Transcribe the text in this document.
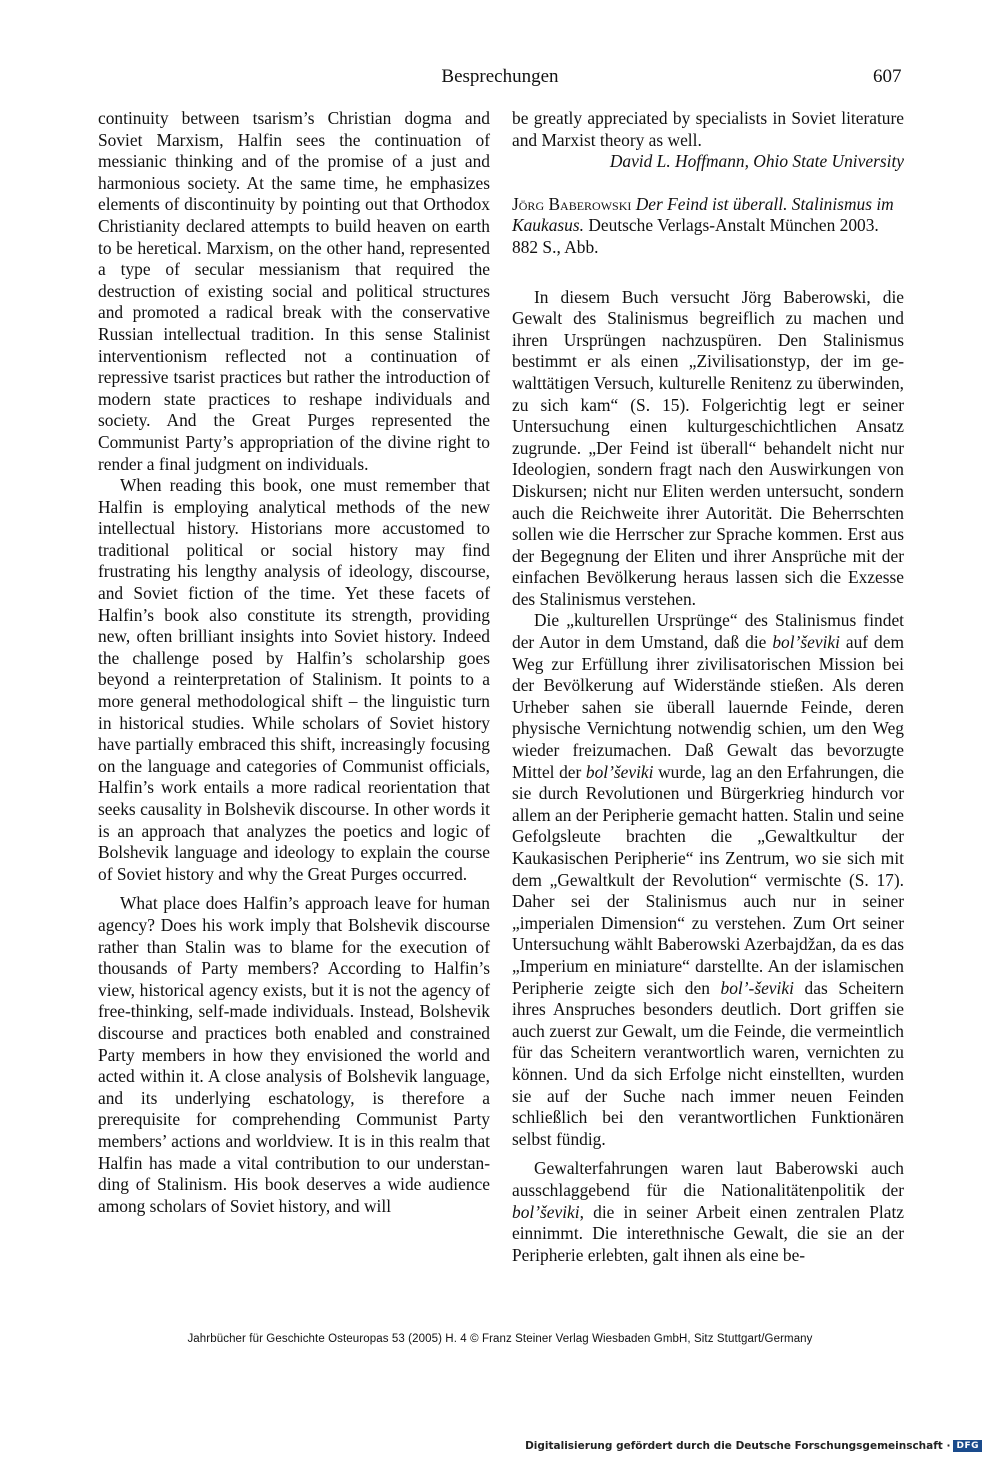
Besprechungen	607

continuity between tsarism’s Christian dogma and Soviet Marxism, Halfin sees the continuation of messianic thinking and of the promise of a just and harmonious society. At the same time, he emphasizes elements of discontinuity by pointing out that Orthodox Christianity declared attempts to build heaven on earth to be heretical. Marxism, on the other hand, represented a type of secular messianism that required the destruction of existing social and political structures and promoted a radical break with the conservative Russian intellectual tradition. In this sense Stalinist interventionism reflected not a continuation of repressive tsarist practices but rather the introduction of modern state practices to reshape individuals and society. And the Great Purges represented the Communist Party’s appropriation of the divine right to render a final judgment on individuals.

When reading this book, one must remember that Halfin is employing analytical methods of the new intellectual history. Historians more accustomed to traditional political or social history may find frustrating his lengthy analysis of ideology, discourse, and Soviet fiction of the time. Yet these facets of Halfin’s book also constitute its strength, providing new, often brilliant insights into Soviet history. Indeed the challenge posed by Halfin’s scholarship goes beyond a reinterpretation of Stalinism. It points to a more general methodological shift – the linguistic turn in historical studies. While scholars of Soviet history have partially embraced this shift, increasingly focusing on the language and categories of Communist officials, Halfin’s work entails a more radical reorientation that seeks causality in Bolshevik discourse. In other words it is an approach that analyzes the poetics and logic of Bolshevik language and ideology to explain the course of Soviet history and why the Great Purges occurred.

What place does Halfin’s approach leave for human agency? Does his work imply that Bolshevik discourse rather than Stalin was to blame for the execution of thousands of Party members? According to Halfin’s view, historical agency exists, but it is not the agency of free-thinking, self-made individuals. Instead, Bolshevik discourse and practices both enabled and constrained Party members in how they envisioned the world and acted within it. A close analysis of Bolshevik language, and its underlying eschatology, is therefore a prerequisite for comprehending Communist Party members’ actions and worldview. It is in this realm that Halfin has made a vital contribution to our understanding of Stalinism. His book deserves a wide audience among scholars of Soviet history, and will

be greatly appreciated by specialists in Soviet literature and Marxist theory as well.

David L. Hoffmann, Ohio State University

Jörg Baberowski Der Feind ist überall. Stalinismus im Kaukasus. Deutsche Verlags-Anstalt München 2003. 882 S., Abb.

In diesem Buch versucht Jörg Baberowski, die Gewalt des Stalinismus begreiflich zu machen und ihren Ursprüngen nachzuspüren. Den Stalinismus bestimmt er als einen „Zivilisationstyp, der im gewalttätigen Versuch, kulturelle Renitenz zu überwinden, zu sich kam“ (S. 15). Folgerichtig legt er seiner Untersuchung einen kulturgeschichtlichen Ansatz zugrunde. „Der Feind ist überall“ behandelt nicht nur Ideologien, sondern fragt nach den Auswirkungen von Diskursen; nicht nur Eliten werden untersucht, sondern auch die Reichweite ihrer Autorität. Die Beherrschten sollen wie die Herrscher zur Sprache kommen. Erst aus der Begegnung der Eliten und ihrer Ansprüche mit der einfachen Bevölkerung heraus lassen sich die Exzesse des Stalinismus verstehen.

Die „kulturellen Ursprünge“ des Stalinismus findet der Autor in dem Umstand, daß die bol’ševiki auf dem Weg zur Erfüllung ihrer zivilisatorischen Mission bei der Bevölkerung auf Widerstände stießen. Als deren Urheber sahen sie überall lauernde Feinde, deren physische Vernichtung notwendig schien, um den Weg wieder freizumachen. Daß Gewalt das bevorzugte Mittel der bol’ševiki wurde, lag an den Erfahrungen, die sie durch Revolutionen und Bürgerkrieg hindurch vor allem an der Peripherie gemacht hatten. Stalin und seine Gefolgsleute brachten die „Gewaltkultur der Kaukasischen Peripherie“ ins Zentrum, wo sie sich mit dem „Gewaltkult der Revolution“ vermischte (S. 17). Daher sei der Stalinismus auch nur in seiner „imperialen Dimension“ zu verstehen. Zum Ort seiner Untersuchung wählt Baberowski Azerbajdžan, da es das „Imperium en miniature“ darstellte. An der islamischen Peripherie zeigte sich den bol’-ševiki das Scheitern ihres Anspruches besonders deutlich. Dort griffen sie auch zuerst zur Gewalt, um die Feinde, die vermeintlich für das Scheitern verantwortlich waren, vernichten zu können. Und da sich Erfolge nicht einstellten, wurden sie auf der Suche nach immer neuen Feinden schließlich bei den verantwortlichen Funktionären selbst fündig.

Gewalterfahrungen waren laut Baberowski auch ausschlaggebend für die Nationalitätenpolitik der bol’ševiki, die in seiner Arbeit einen zentralen Platz einnimmt. Die interethnische Gewalt, die sie an der Peripherie erlebten, galt ihnen als eine be-

Jahrbücher für Geschichte Osteuropas 53 (2005) H. 4 © Franz Steiner Verlag Wiesbaden GmbH, Sitz Stuttgart/Germany
Digitalisierung gefördert durch die Deutsche Forschungsgemeinschaft · DFG
